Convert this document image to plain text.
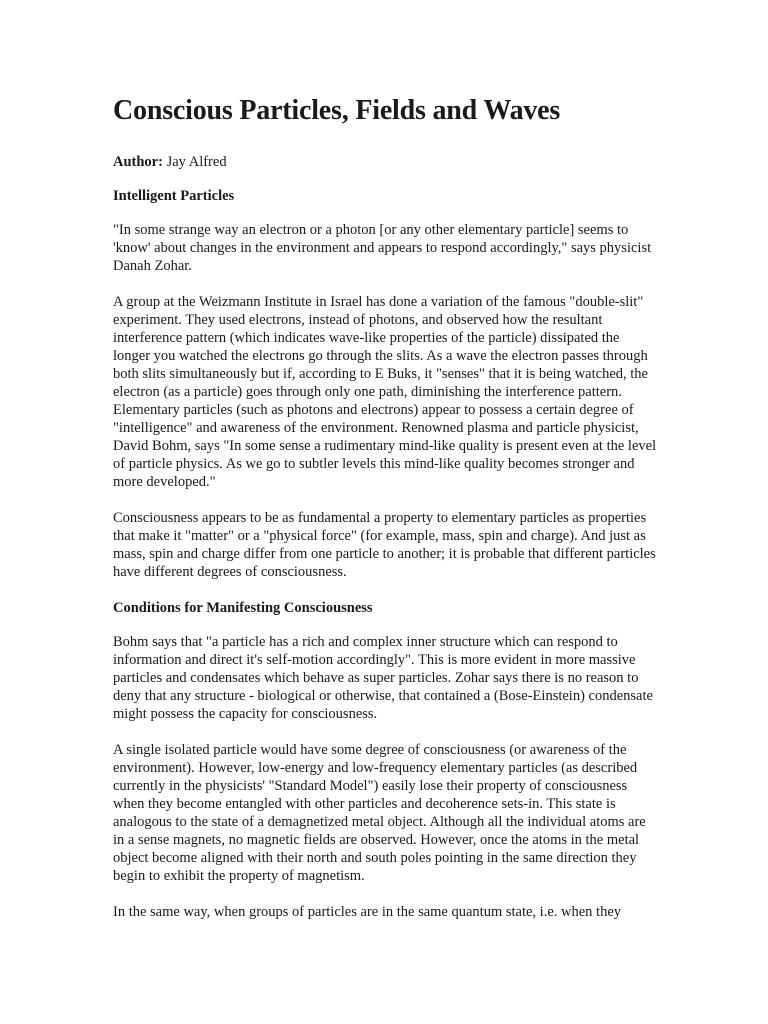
Conscious Particles, Fields and Waves

Author: Jay Alfred

Intelligent Particles

"In some strange way an electron or a photon [or any other elementary particle] seems to 'know' about changes in the environment and appears to respond accordingly," says physicist Danah Zohar.

A group at the Weizmann Institute in Israel has done a variation of the famous "double-slit" experiment. They used electrons, instead of photons, and observed how the resultant interference pattern (which indicates wave-like properties of the particle) dissipated the longer you watched the electrons go through the slits. As a wave the electron passes through both slits simultaneously but if, according to E Buks, it "senses" that it is being watched, the electron (as a particle) goes through only one path, diminishing the interference pattern. Elementary particles (such as photons and electrons) appear to possess a certain degree of "intelligence" and awareness of the environment. Renowned plasma and particle physicist, David Bohm, says "In some sense a rudimentary mind-like quality is present even at the level of particle physics. As we go to subtler levels this mind-like quality becomes stronger and more developed."

Consciousness appears to be as fundamental a property to elementary particles as properties that make it "matter" or a "physical force" (for example, mass, spin and charge). And just as mass, spin and charge differ from one particle to another; it is probable that different particles have different degrees of consciousness.

Conditions for Manifesting Consciousness

Bohm says that "a particle has a rich and complex inner structure which can respond to information and direct it's self-motion accordingly". This is more evident in more massive particles and condensates which behave as super particles. Zohar says there is no reason to deny that any structure - biological or otherwise, that contained a (Bose-Einstein) condensate might possess the capacity for consciousness.

A single isolated particle would have some degree of consciousness (or awareness of the environment). However, low-energy and low-frequency elementary particles (as described currently in the physicists' "Standard Model") easily lose their property of consciousness when they become entangled with other particles and decoherence sets-in. This state is analogous to the state of a demagnetized metal object. Although all the individual atoms are in a sense magnets, no magnetic fields are observed. However, once the atoms in the metal object become aligned with their north and south poles pointing in the same direction they begin to exhibit the property of magnetism.

In the same way, when groups of particles are in the same quantum state, i.e. when they
